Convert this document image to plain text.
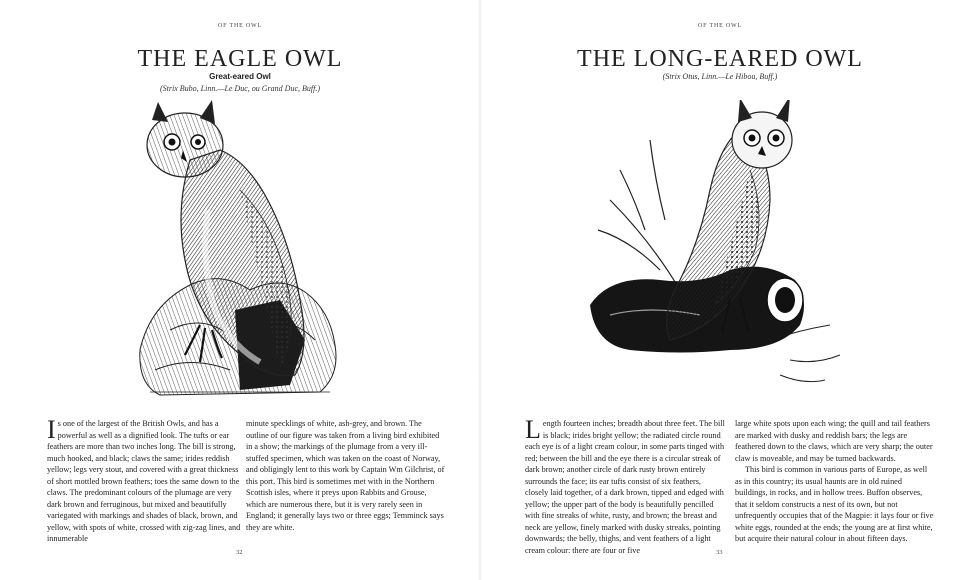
OF THE OWL
THE EAGLE OWL
Great-eared Owl
(Strix Bubo, Linn.—Le Duc, ou Grand Duc, Buff.)
Is one of the largest of the British Owls, and has a powerful as well as a dignified look. The tufts or ear feathers are more than two inches long. The bill is strong, much hooked, and black; claws the same; irides reddish yellow; legs very stout, and covered with a great thickness of short mottled brown feathers; toes the same down to the claws. The predominant colours of the plumage are very dark brown and ferruginous, but mixed and beautifully variegated with markings and shades of black, brown, and yellow, with spots of white, crossed with zig-zag lines, and innumerable
minute specklings of white, ash-grey, and brown. The outline of our figure was taken from a living bird exhibited in a show; the markings of the plumage from a very ill-stuffed specimen, which was taken on the coast of Norway, and obligingly lent to this work by Captain Wm Gilchrist, of this port. This bird is sometimes met with in the Northern Scottish isles, where it preys upon Rabbits and Grouse, which are numerous there, but it is very rarely seen in England; it generally lays two or three eggs; Temminck says they are white.
32
OF THE OWL
THE LONG-EARED OWL
(Strix Otus, Linn.—Le Hibou, Buff.)
Length fourteen inches; breadth about three feet. The bill is black; irides bright yellow; the radiated circle round each eye is of a light cream colour, in some parts tinged with red; between the bill and the eye there is a circular streak of dark brown; another circle of dark rusty brown entirely surrounds the face; its ear tufts consist of six feathers, closely laid together, of a dark brown, tipped and edged with yellow; the upper part of the body is beautifully pencilled with fine streaks of white, rusty, and brown; the breast and neck are yellow, finely marked with dusky streaks, pointing downwards; the belly, thighs, and vent feathers of a light cream colour: there are four or five
large white spots upon each wing; the quill and tail feathers are marked with dusky and reddish bars; the legs are feathered down to the claws, which are very sharp; the outer claw is moveable, and may be turned backwards.
This bird is common in various parts of Europe, as well as in this country; its usual haunts are in old ruined buildings, in rocks, and in hollow trees. Buffon observes, that it seldom constructs a nest of its own, but not unfrequently occupies that of the Magpie: it lays four or five white eggs, rounded at the ends; the young are at first white, but acquire their natural colour in about fifteen days.
33
